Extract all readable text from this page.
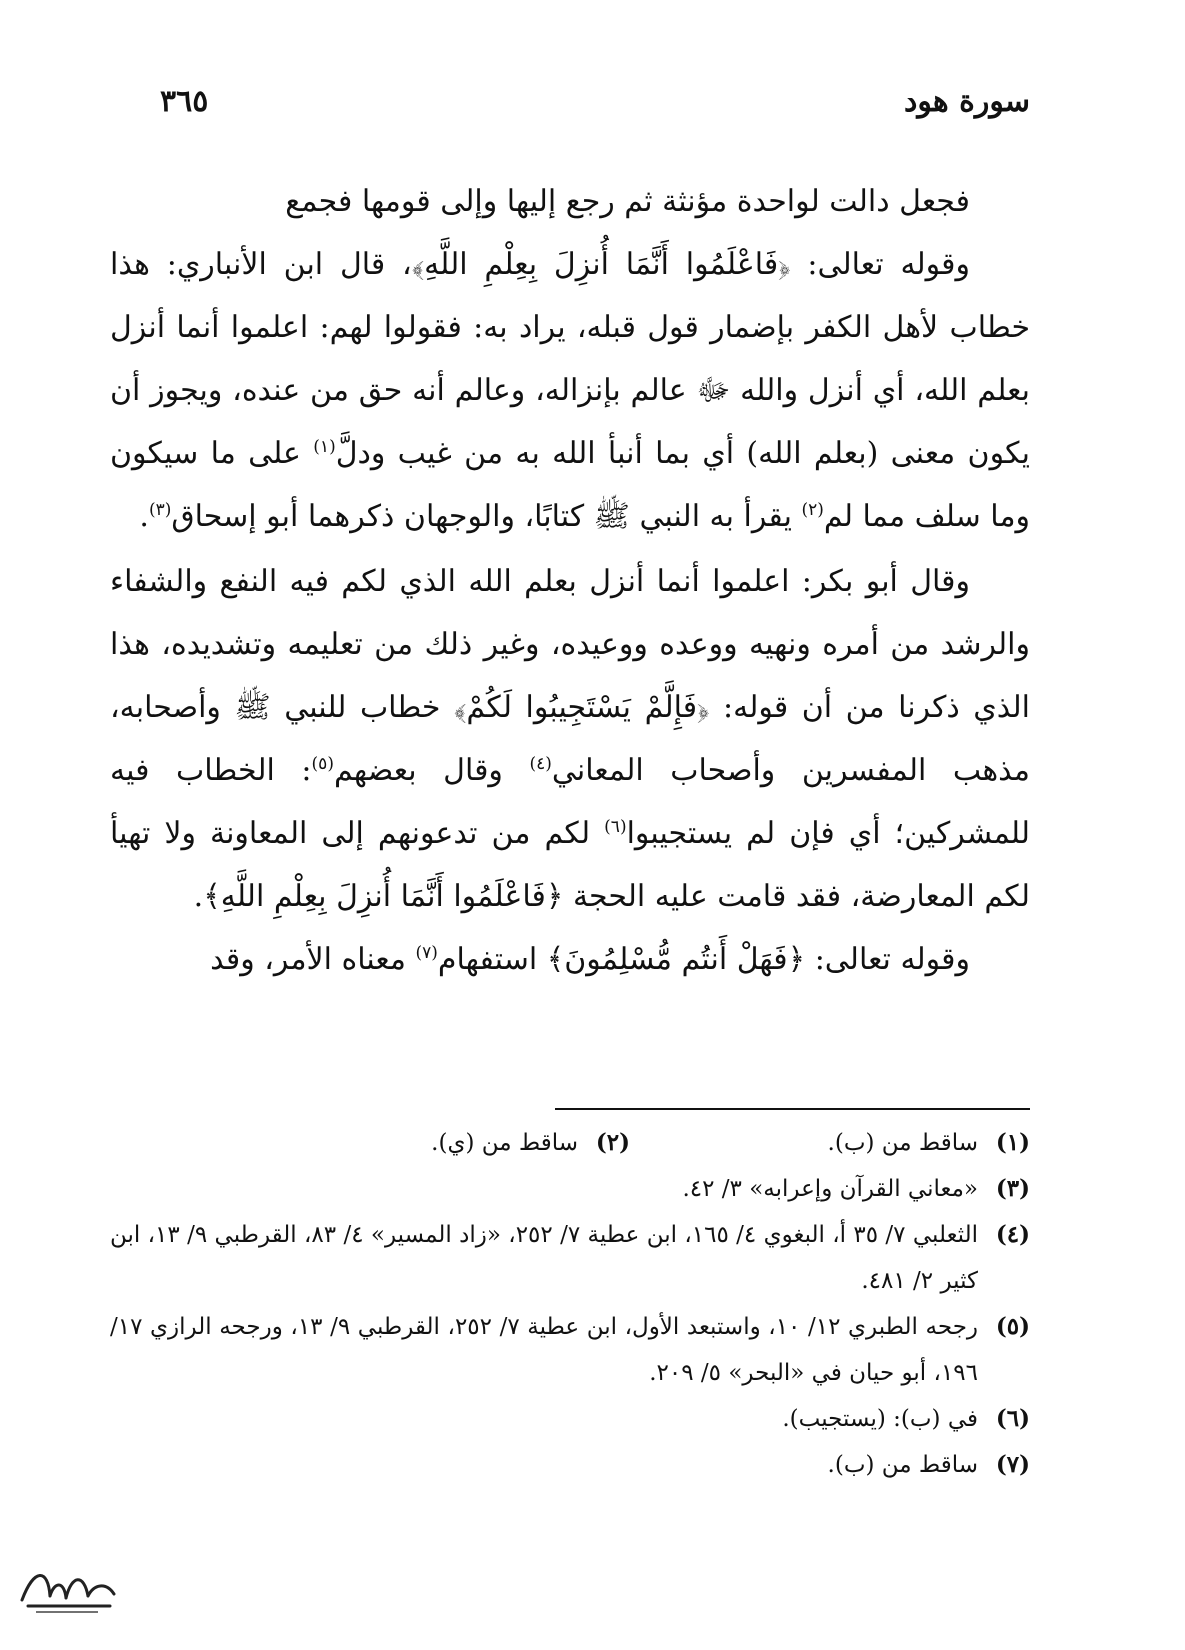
سورة هود
٣٦٥

فجعل دالت لواحدة مؤنثة ثم رجع إليها وإلى قومها فجمع

وقوله تعالى: ﴿فَاعْلَمُوا أَنَّمَا أُنزِلَ بِعِلْمِ اللَّهِ﴾، قال ابن الأنباري: هذا خطاب لأهل الكفر بإضمار قول قبله، يراد به: فقولوا لهم: اعلموا أنما أنزل بعلم الله، أي أنزل والله ﷻ عالم بإنزاله، وعالم أنه حق من عنده، ويجوز أن يكون معنى (بعلم الله) أي بما أنبأ الله به من غيب ودلَّ$^{(١)}$ على ما سيكون وما سلف مما لم$^{(٢)}$ يقرأ به النبي ﷺ كتابًا، والوجهان ذكرهما أبو إسحاق$^{(٣)}$.

وقال أبو بكر: اعلموا أنما أنزل بعلم الله الذي لكم فيه النفع والشفاء والرشد من أمره ونهيه ووعده ووعيده، وغير ذلك من تعليمه وتشديده، هذا الذي ذكرنا من أن قوله: ﴿فَإِلَّمْ يَسْتَجِيبُوا لَكُمْ﴾ خطاب للنبي ﷺ وأصحابه، مذهب المفسرين وأصحاب المعاني$^{(٤)}$ وقال بعضهم$^{(٥)}$: الخطاب فيه للمشركين؛ أي فإن لم يستجيبوا$^{(٦)}$ لكم من تدعونهم إلى المعاونة ولا تهيأ لكم المعارضة، فقد قامت عليه الحجة ﴿فَاعْلَمُوا أَنَّمَا أُنزِلَ بِعِلْمِ اللَّهِ﴾.

وقوله تعالى: ﴿فَهَلْ أَنتُم مُّسْلِمُونَ﴾ استفهام$^{(٧)}$ معناه الأمر، وقد

(١)
ساقط من (ب).
(٢)
ساقط من (ي).
(٣)
«معاني القرآن وإعرابه» ٣/ ٤٢.
(٤)
الثعلبي ٧/ ٣٥ أ، البغوي ٤/ ١٦٥، ابن عطية ٧/ ٢٥٢، «زاد المسير» ٤/ ٨٣، القرطبي ٩/ ١٣، ابن كثير ٢/ ٤٨١.
(٥)
رجحه الطبري ١٢/ ١٠، واستبعد الأول، ابن عطية ٧/ ٢٥٢، القرطبي ٩/ ١٣، ورجحه الرازي ١٧/ ١٩٦، أبو حيان في «البحر» ٥/ ٢٠٩.
(٦)
في (ب): (يستجيب).
(٧)
ساقط من (ب).
